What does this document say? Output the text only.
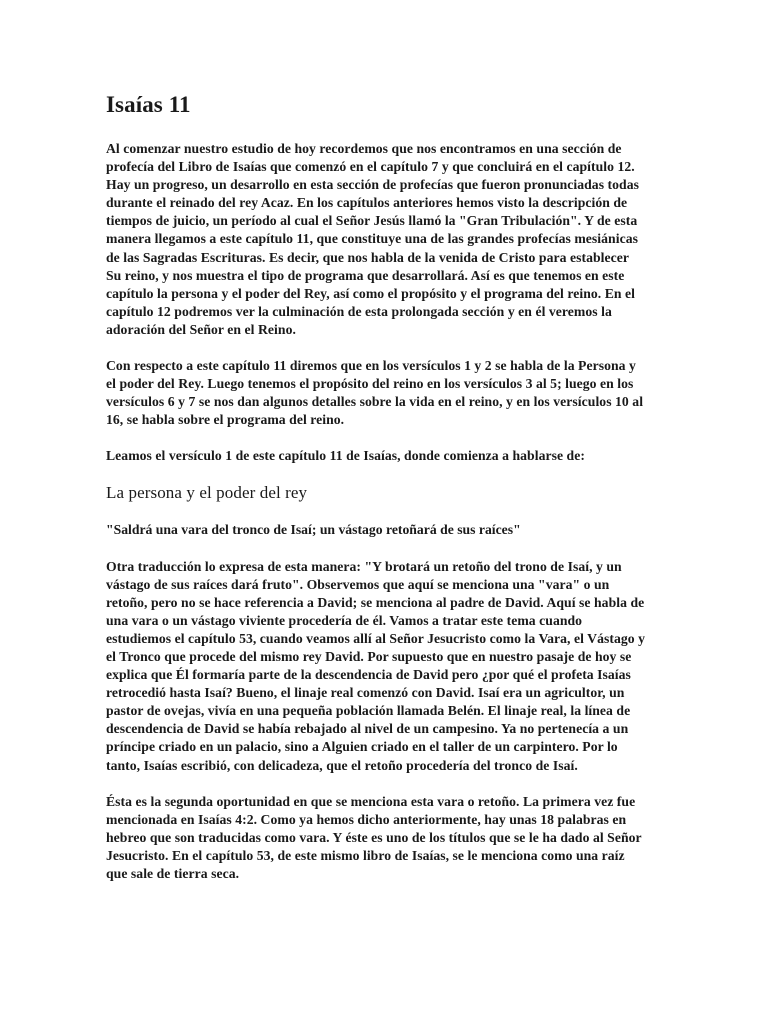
Isaías 11

Al comenzar nuestro estudio de hoy recordemos que nos encontramos en una sección de profecía del Libro de Isaías que comenzó en el capítulo 7 y que concluirá en el capítulo 12. Hay un progreso, un desarrollo en esta sección de profecías que fueron pronunciadas todas durante el reinado del rey Acaz. En los capítulos anteriores hemos visto la descripción de tiempos de juicio, un período al cual el Señor Jesús llamó la "Gran Tribulación". Y de esta manera llegamos a este capítulo 11, que constituye una de las grandes profecías mesiánicas de las Sagradas Escrituras. Es decir, que nos habla de la venida de Cristo para establecer Su reino, y nos muestra el tipo de programa que desarrollará. Así es que tenemos en este capítulo la persona y el poder del Rey, así como el propósito y el programa del reino. En el capítulo 12 podremos ver la culminación de esta prolongada sección y en él veremos la adoración del Señor en el Reino.

Con respecto a este capítulo 11 diremos que en los versículos 1 y 2 se habla de la Persona y el poder del Rey. Luego tenemos el propósito del reino en los versículos 3 al 5; luego en los versículos 6 y 7 se nos dan algunos detalles sobre la vida en el reino, y en los versículos 10 al 16, se habla sobre el programa del reino.

Leamos el versículo 1 de este capítulo 11 de Isaías, donde comienza a hablarse de:

La persona y el poder del rey

"Saldrá una vara del tronco de Isaí; un vástago retoñará de sus raíces"

Otra traducción lo expresa de esta manera: "Y brotará un retoño del trono de Isaí, y un vástago de sus raíces dará fruto". Observemos que aquí se menciona una "vara" o un retoño, pero no se hace referencia a David; se menciona al padre de David. Aquí se habla de una vara o un vástago viviente procedería de él. Vamos a tratar este tema cuando estudiemos el capítulo 53, cuando veamos allí al Señor Jesucristo como la Vara, el Vástago y el Tronco que procede del mismo rey David. Por supuesto que en nuestro pasaje de hoy se explica que Él formaría parte de la descendencia de David pero ¿por qué el profeta Isaías retrocedió hasta Isaí? Bueno, el linaje real comenzó con David. Isaí era un agricultor, un pastor de ovejas, vivía en una pequeña población llamada Belén. El linaje real, la línea de descendencia de David se había rebajado al nivel de un campesino. Ya no pertenecía a un príncipe criado en un palacio, sino a Alguien criado en el taller de un carpintero. Por lo tanto, Isaías escribió, con delicadeza, que el retoño procedería del tronco de Isaí.

Ésta es la segunda oportunidad en que se menciona esta vara o retoño. La primera vez fue mencionada en Isaías 4:2. Como ya hemos dicho anteriormente, hay unas 18 palabras en hebreo que son traducidas como vara. Y éste es uno de los títulos que se le ha dado al Señor Jesucristo. En el capítulo 53, de este mismo libro de Isaías, se le menciona como una raíz que sale de tierra seca.
